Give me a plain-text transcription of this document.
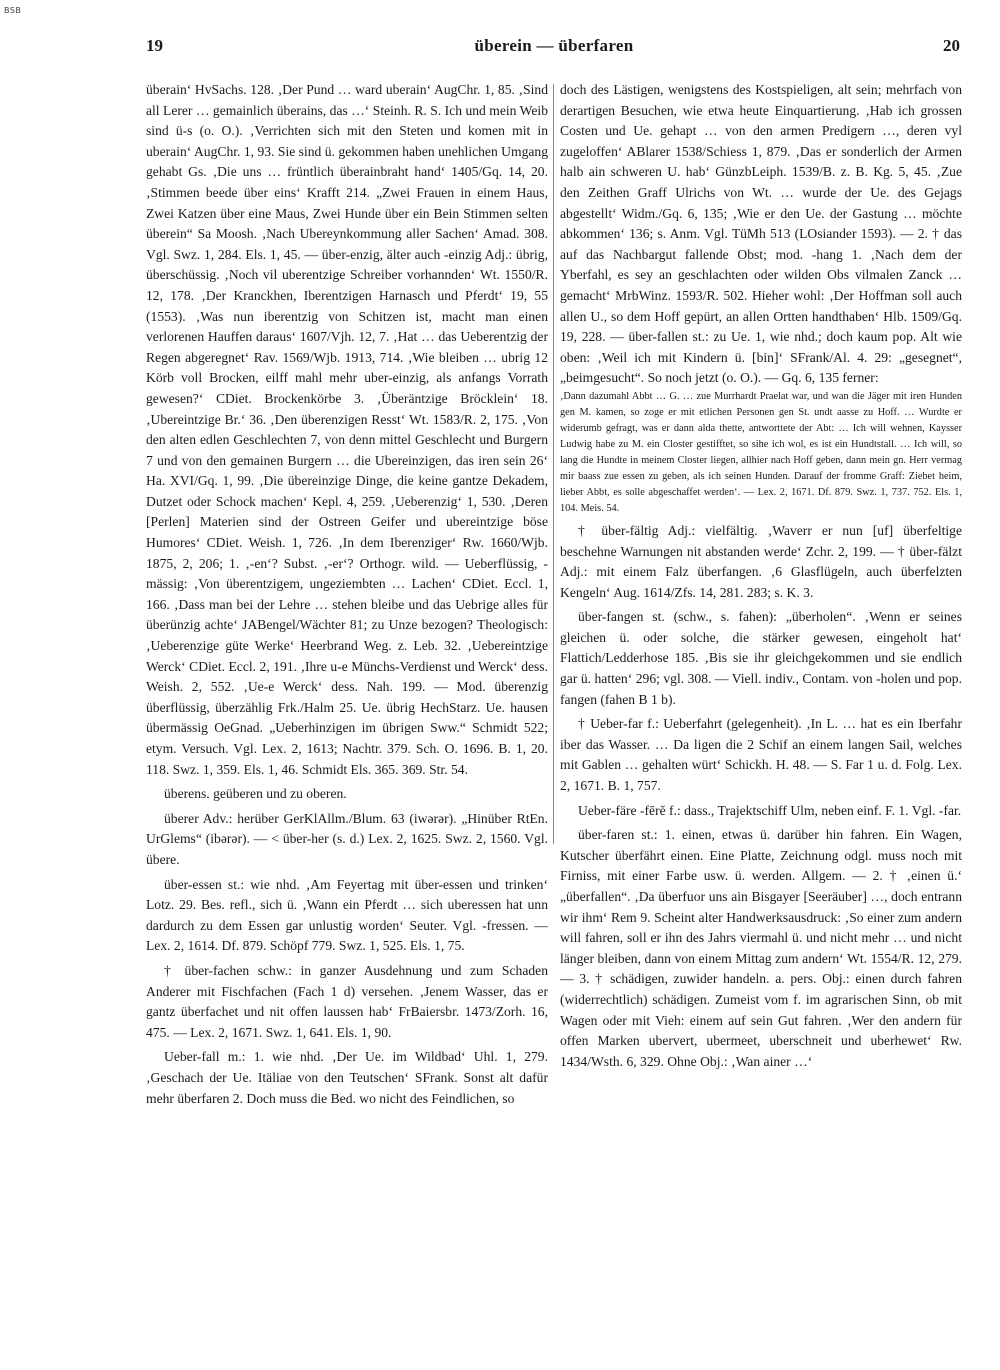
BSB
19	überein — überfaren	20

überain‘ HvSachs. 128. ‚Der Pund … ward uberain‘ AugChr. 1, 85. ‚Sind all Lerer … gemainlich überains, das …‘ Steinh. R. S. Ich und mein Weib sind ü-s (o. O.). ‚Verrichten sich mit den Steten und komen mit in uberain‘ AugChr. 1, 93. Sie sind ü. gekommen haben unehlichen Umgang gehabt Gs. ‚Die uns … früntlich überainbraht hand‘ 1405/Gq. 14, 20. ‚Stimmen beede über eins‘ Krafft 214. „Zwei Frauen in einem Haus, Zwei Katzen über eine Maus, Zwei Hunde über ein Bein Stimmen selten überein“ Sa Moosh. ‚Nach Ubereynkommung aller Sachen‘ Amad. 308. Vgl. Swz. 1, 284. Els. 1, 45. — über-enzig, älter auch -einzig Adj.: übrig, überschüssig. ‚Noch vil uberentzige Schreiber vorhannden‘ Wt. 1550/R. 12, 178. ‚Der Kranckhen, Iberentzigen Harnasch und Pferdt‘ 19, 55 (1553). ‚Was nun iberentzig von Schitzen ist, macht man einen verlorenen Hauffen daraus‘ 1607/Vjh. 12, 7. ‚Hat … das Ueberentzig der Regen abgeregnet‘ Rav. 1569/Wjb. 1913, 714. ‚Wie bleiben … ubrig 12 Körb voll Brocken, eilff mahl mehr uber-einzig, als anfangs Vorrath gewesen?‘ CDiet. Brockenkörbe 3. ‚Überäntzige Bröcklein‘ 18. ‚Ubereintzige Br.‘ 36. ‚Den überenzigen Resst‘ Wt. 1583/R. 2, 175. ‚Von den alten edlen Geschlechten 7, von denn mittel Geschlecht und Burgern 7 und von den gemainen Burgern … die Ubereinzigen, das iren sein 26‘ Ha. XVI/Gq. 1, 99. ‚Die übereinzige Dinge, die keine gantze Dekadem, Dutzet oder Schock machen‘ Kepl. 4, 259. ‚Ueberenzig‘ 1, 530. ‚Deren [Perlen] Materien sind der Ostreen Geifer und ubereintzige böse Humores‘ CDiet. Weish. 1, 726. ‚In dem Iberenziger‘ Rw. 1660/Wjb. 1875, 2, 206; 1. ‚-en‘? Subst. ‚-er‘? Orthogr. wild. — Ueberflüssig, -mässig: ‚Von überentzigem, ungeziembten … Lachen‘ CDiet. Eccl. 1, 166. ‚Dass man bei der Lehre … stehen bleibe und das Uebrige alles für überünzig achte‘ JABengel/Wächter 81; zu Unze bezogen? Theologisch: ‚Ueberenzige güte Werke‘ Heerbrand Weg. z. Leb. 32. ‚Uebereintzige Werck‘ CDiet. Eccl. 2, 191. ‚Ihre u-e Münchs-Verdienst und Werck‘ dess. Weish. 2, 552. ‚Ue-e Werck‘ dess. Nah. 199. — Mod. überenzig überflüssig, überzählig Frk./Halm 25. Ue. übrig HechStarz. Ue. hausen übermässig OeGnad. „Ueberhinzigen im übrigen Sww.“ Schmidt 522; etym. Versuch. Vgl. Lex. 2, 1613; Nachtr. 379. Sch. O. 1696. B. 1, 20. 118. Swz. 1, 359. Els. 1, 46. Schmidt Els. 365. 369. Str. 54.

überens. geüberen und zu oberen.

überer Adv.: herüber GerKlAllm./Blum. 63 (iwərər). „Hinüber RtEn. UrGlems“ (ibərər). — < über-her (s. d.) Lex. 2, 1625. Swz. 2, 1560. Vgl. übere.

über-essen st.: wie nhd. ‚Am Feyertag mit über-essen und trinken‘ Lotz. 29. Bes. refl., sich ü. ‚Wann ein Pferdt … sich uberessen hat unn dardurch zu dem Essen gar unlustig worden‘ Seuter. Vgl. -fressen. — Lex. 2, 1614. Df. 879. Schöpf 779. Swz. 1, 525. Els. 1, 75.

† über-fachen schw.: in ganzer Ausdehnung und zum Schaden Anderer mit Fischfachen (Fach 1 d) versehen. ‚Jenem Wasser, das er gantz überfachet und nit offen laussen hab‘ FrBaiersbr. 1473/Zorh. 16, 475. — Lex. 2, 1671. Swz. 1, 641. Els. 1, 90.

Ueber-fall m.: 1. wie nhd. ‚Der Ue. im Wildbad‘ Uhl. 1, 279. ‚Geschach der Ue. Itäliae von den Teutschen‘ SFrank. Sonst alt dafür mehr überfaren 2. Doch muss die Bed. wo nicht des Feindlichen, so

doch des Lästigen, wenigstens des Kostspieligen, alt sein; mehrfach von derartigen Besuchen, wie etwa heute Einquartierung. ‚Hab ich grossen Costen und Ue. gehapt … von den armen Predigern …, deren vyl zugeloffen‘ ABlarer 1538/Schiess 1, 879. ‚Das er sonderlich der Armen halb ain schweren U. hab‘ GünzbLeiph. 1539/B. z. B. Kg. 5, 45. ‚Zue den Zeithen Graff Ulrichs von Wt. … wurde der Ue. des Gejags abgestellt‘ Widm./Gq. 6, 135; ‚Wie er den Ue. der Gastung … möchte abkommen‘ 136; s. Anm. Vgl. TüMh 513 (LOsiander 1593). — 2. † das auf das Nachbargut fallende Obst; mod. -hang 1. ‚Nach dem der Yberfahl, es sey an geschlachten oder wilden Obs vilmalen Zanck … gemacht‘ MrbWinz. 1593/R. 502. Hieher wohl: ‚Der Hoffman soll auch allen U., so dem Hoff gepürt, an allen Ortten handthaben‘ Hlb. 1509/Gq. 19, 228. — über-fallen st.: zu Ue. 1, wie nhd.; doch kaum pop. Alt wie oben: ‚Weil ich mit Kindern ü. [bin]‘ SFrank/Al. 4. 29: „gesegnet“, „beimgesucht“. So noch jetzt (o. O.). — Gq. 6, 135 ferner:

‚Dann dazumahl Abbt … G. … zue Murrhardt Praelat war, und wan die Jäger mit iren Hunden gen M. kamen, so zoge er mit etlichen Personen gen St. undt aasse zu Hoff. … Wurdte er widerumb gefragt, was er dann alda thette, antworttete der Abt: … Ich will wehnen, Kaysser Ludwig habe zu M. ein Closter gestifftet, so sihe ich wol, es ist ein Hundtstall. … Ich will, so lang die Hundte in meinem Closter liegen, allhier nach Hoff geben, dann mein gn. Herr vermag mir baass zue essen zu geben, als ich seinen Hunden. Darauf der fromme Graff: Ziebet heim, lieber Abbt, es solle abgeschaffet werden‘. — Lex. 2, 1671. Df. 879. Swz. 1, 737. 752. Els. 1, 104. Meis. 54.

† über-fältig Adj.: vielfältig. ‚Waverr er nun [uf] überfeltige beschehne Warnungen nit abstanden werde‘ Zchr. 2, 199. — † über-fälzt Adj.: mit einem Falz überfangen. ‚6 Glasflügeln, auch überfelzten Kengeln‘ Aug. 1614/Zfs. 14, 281. 283; s. K. 3.

über-fangen st. (schw., s. fahen): „überholen“. ‚Wenn er seines gleichen ü. oder solche, die stärker gewesen, eingeholt hat‘ Flattich/Ledderhose 185. ‚Bis sie ihr gleichgekommen und sie endlich gar ü. hatten‘ 296; vgl. 308. — Viell. indiv., Contam. von -holen und pop. fangen (fahen B 1 b).

† Ueber-far f.: Ueberfahrt (gelegenheit). ‚In L. … hat es ein Iberfahr iber das Wasser. … Da ligen die 2 Schif an einem langen Sail, welches mit Gablen … gehalten würt‘ Schickh. H. 48. — S. Far 1 u. d. Folg. Lex. 2, 1671. B. 1, 757.

Ueber-färe -fērĕ f.: dass., Trajektschiff Ulm, neben einf. F. 1. Vgl. -far.

über-faren st.: 1. einen, etwas ü. darüber hin fahren. Ein Wagen, Kutscher überfährt einen. Eine Platte, Zeichnung odgl. muss noch mit Firniss, mit einer Farbe usw. ü. werden. Allgem. — 2. † ‚einen ü.‘ „überfallen“. ‚Da überfuor uns ain Bisgayer [Seeräuber] …, doch entrann wir ihm‘ Rem 9. Scheint alter Handwerksausdruck: ‚So einer zum andern will fahren, soll er ihn des Jahrs viermahl ü. und nicht mehr … und nicht länger bleiben, dann von einem Mittag zum andern‘ Wt. 1554/R. 12, 279. — 3. † schädigen, zuwider handeln. a. pers. Obj.: einen durch fahren (widerrechtlich) schädigen. Zumeist vom f. im agrarischen Sinn, ob mit Wagen oder mit Vieh: einem auf sein Gut fahren. ‚Wer den andern für offen Marken ubervert, ubermeet, uberschneit und uberhewet‘ Rw. 1434/Wsth. 6, 329. Ohne Obj.: ‚Wan ainer …‘
